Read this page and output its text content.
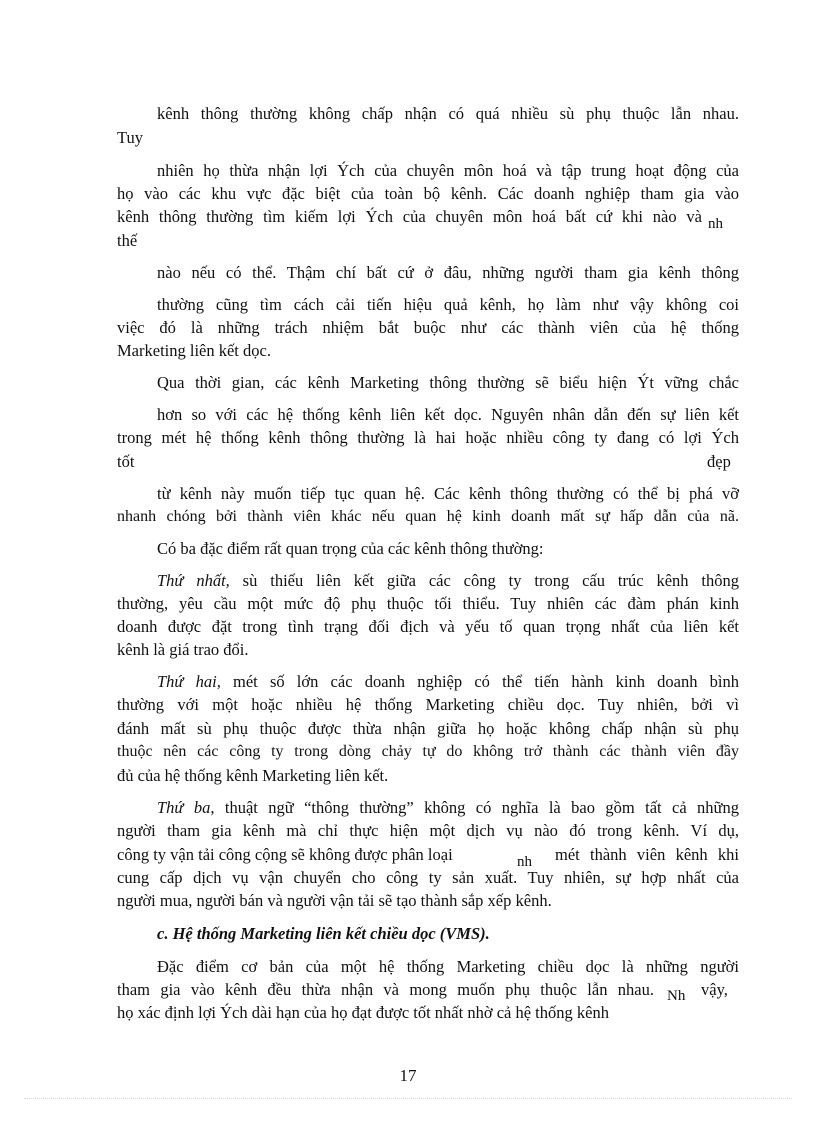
kênh thông thường không chấp nhận có quá nhiều sù phụ thuộc lẫn nhau.
Tuy
nhiên họ thừa nhận lợi Ých của chuyên môn hoá và tập trung hoạt động của
họ vào các khu vực đặc biệt của toàn bộ kênh. Các doanh nghiệp tham gia vào
kênh thông thường tìm kiếm lợi Ých của chuyên môn hoá bất cứ khi nào và nh
thế
nào nếu có thể. Thậm chí bất cứ ở đâu, những người tham gia kênh thông
thường cũng tìm cách cải tiến hiệu quả kênh, họ làm như vậy không coi
việc đó là những trách nhiệm bắt buộc như các thành viên của hệ thống
Marketing liên kết dọc.
Qua thời gian, các kênh Marketing thông thường sẽ biểu hiện Ýt vững chắc
hơn so với các hệ thống kênh liên kết dọc. Nguyên nhân dẫn đến sự liên kết
trong mét hệ thống kênh thông thường là hai hoặc nhiều công ty đang có lợi Ých
tốt	đẹp
từ kênh này muốn tiếp tục quan hệ. Các kênh thông thường có thể bị phá vỡ
nhanh chóng bởi thành viên khác nếu quan hệ kinh doanh mất sự hấp dẫn của nã.
Có ba đặc điểm rất quan trọng của các kênh thông thường:
Thứ nhất, sù thiếu liên kết giữa các công ty trong cấu trúc kênh thông
thường, yêu cầu một mức độ phụ thuộc tối thiểu. Tuy nhiên các đàm phán kinh
doanh được đặt trong tình trạng đối địch và yếu tố quan trọng nhất của liên kết
kênh là giá trao đổi.
Thứ hai, mét số lớn các doanh nghiệp có thể tiến hành kinh doanh bình
thường với một hoặc nhiều hệ thống Marketing chiều dọc. Tuy nhiên, bởi vì
đánh mất sù phụ thuộc được thừa nhận giữa họ hoặc không chấp nhận sù phụ
thuộc nên các công ty trong dòng chảy tự do không trở thành các thành viên đầy
đủ của hệ thống kênh Marketing liên kết.
Thứ ba, thuật ngữ “thông thường” không có nghĩa là bao gồm tất cả những
người tham gia kênh mà chỉ thực hiện một dịch vụ nào đó trong kênh. Ví dụ,
công ty vận tải công cộng sẽ không được phân loại	nh mét thành viên kênh khi
cung cấp dịch vụ vận chuyển cho công ty sản xuất. Tuy nhiên, sự hợp nhất của
người mua, người bán và người vận tải sẽ tạo thành sắp xếp kênh.
c. Hệ thống Marketing liên kết chiều dọc (VMS).
Đặc điểm cơ bản của một hệ thống Marketing chiều dọc là những người
tham gia vào kênh đều thừa nhận và mong muốn phụ thuộc lẫn nhau. Nh vậy,
họ xác định lợi Ých dài hạn của họ đạt được tốt nhất nhờ cả hệ thống kênh
17
